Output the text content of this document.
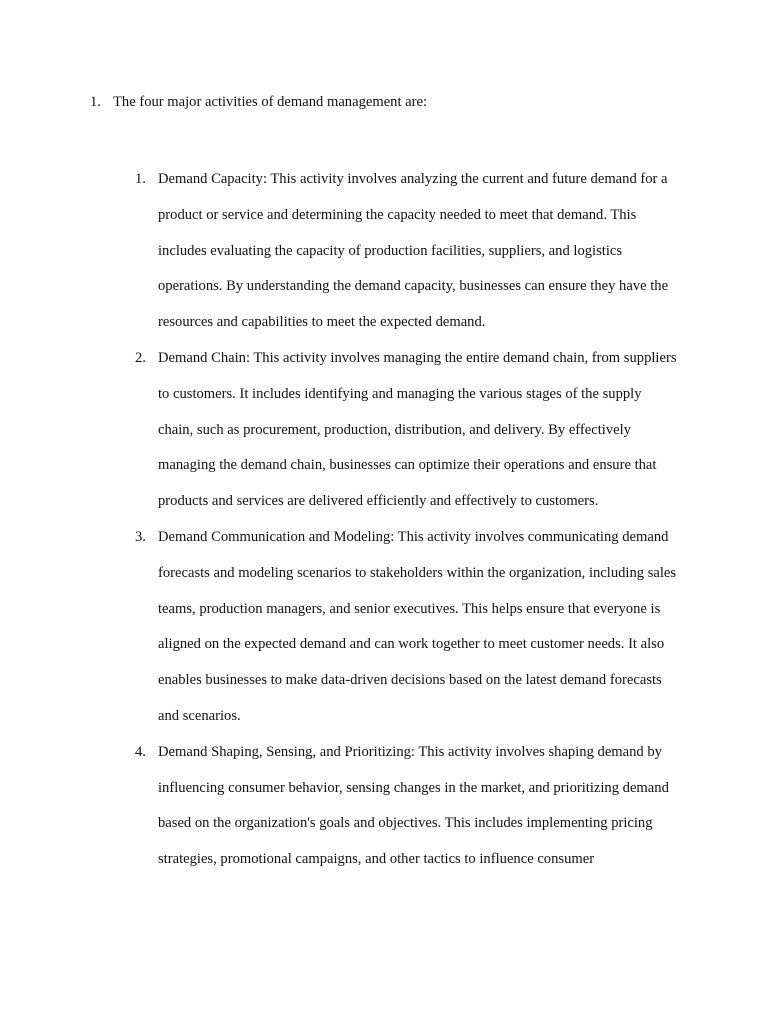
1. The four major activities of demand management are:
1. Demand Capacity: This activity involves analyzing the current and future demand for a product or service and determining the capacity needed to meet that demand. This includes evaluating the capacity of production facilities, suppliers, and logistics operations. By understanding the demand capacity, businesses can ensure they have the resources and capabilities to meet the expected demand.
2. Demand Chain: This activity involves managing the entire demand chain, from suppliers to customers. It includes identifying and managing the various stages of the supply chain, such as procurement, production, distribution, and delivery. By effectively managing the demand chain, businesses can optimize their operations and ensure that products and services are delivered efficiently and effectively to customers.
3. Demand Communication and Modeling: This activity involves communicating demand forecasts and modeling scenarios to stakeholders within the organization, including sales teams, production managers, and senior executives. This helps ensure that everyone is aligned on the expected demand and can work together to meet customer needs. It also enables businesses to make data-driven decisions based on the latest demand forecasts and scenarios.
4. Demand Shaping, Sensing, and Prioritizing: This activity involves shaping demand by influencing consumer behavior, sensing changes in the market, and prioritizing demand based on the organization's goals and objectives. This includes implementing pricing strategies, promotional campaigns, and other tactics to influence consumer
